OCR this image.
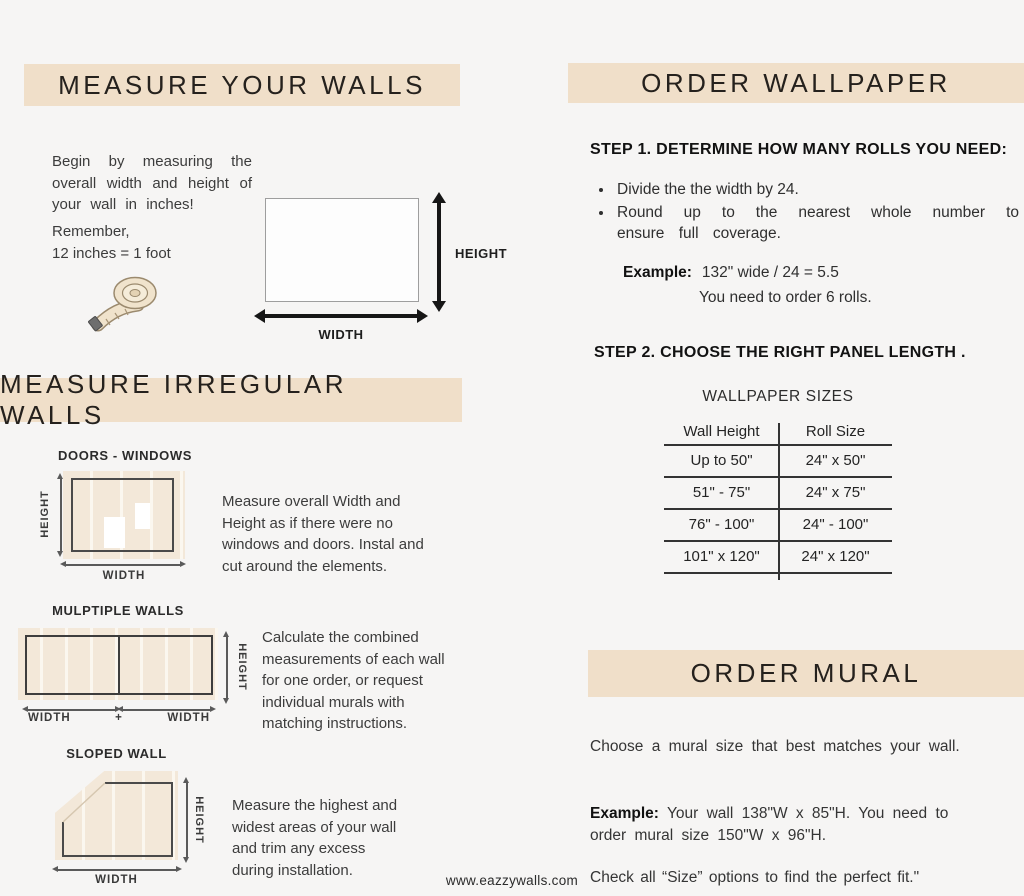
MEASURE YOUR WALLS

Begin by measuring the overall width and height of your wall in inches!

Remember,
12 inches = 1 foot	HEIGHT
WIDTH
MEASURE IRREGULAR WALLS
DOORS - WINDOWS
HEIGHT
WIDTH

Measure overall Width and Height as if there were no windows and doors. Instal and cut around the elements.

MULPTIPLE WALLS
WIDTH	+	WIDTH
HEIGHT

Calculate the combined measurements of each wall for one order, or request individual murals with matching instructions.

SLOPED WALL
HEIGHT
WIDTH

Measure the highest and widest areas of your wall and trim any excess during installation.

ORDER WALLPAPER
STEP 1. DETERMINE HOW MANY ROLLS YOU NEED:
• Divide the the width by 24.
• Round up to the nearest whole number to ensure full coverage.
Example: 132" wide / 24 = 5.5
You need to order 6 rolls.
STEP 2. CHOOSE THE RIGHT PANEL LENGTH .
WALLPAPER SIZES
Wall Height	Roll Size
Up to 50"	24" x 50"
51" - 75"	24" x 75"
76" - 100"	24" - 100"
101" x 120"	24" x 120"
ORDER MURAL

Choose a mural size that best matches your wall.

Example: Your wall 138"W x 85"H. You need to order mural size 150"W x 96"H.

Check all “Size” options to find the perfect fit."

www.eazzywalls.com
